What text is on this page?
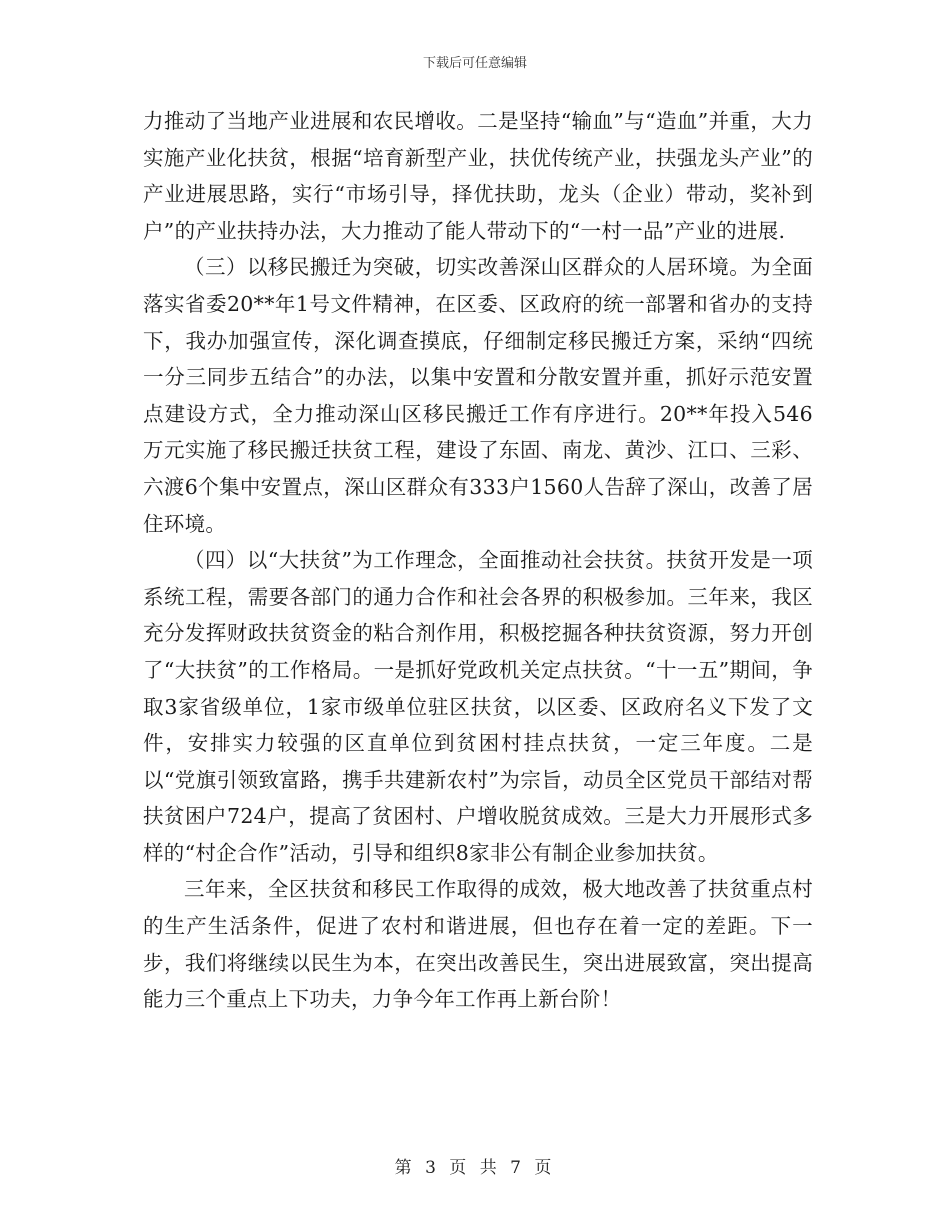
下载后可任意编辑

力推动了当地产业进展和农民增收。二是坚持“输血”与“造血”并重，大力实施产业化扶贫，根据“培育新型产业，扶优传统产业，扶强龙头产业”的产业进展思路，实行“市场引导，择优扶助，龙头（企业）带动，奖补到户”的产业扶持办法，大力推动了能人带动下的“一村一品”产业的进展.

（三）以移民搬迁为突破，切实改善深山区群众的人居环境。为全面落实省委20**年1号文件精神，在区委、区政府的统一部署和省办的支持下，我办加强宣传，深化调查摸底，仔细制定移民搬迁方案，采纳“四统一分三同步五结合”的办法，以集中安置和分散安置并重，抓好示范安置点建设方式，全力推动深山区移民搬迁工作有序进行。20**年投入546万元实施了移民搬迁扶贫工程，建设了东固、南龙、黄沙、江口、三彩、六渡6个集中安置点，深山区群众有333户1560人告辞了深山，改善了居住环境。

（四）以“大扶贫”为工作理念，全面推动社会扶贫。扶贫开发是一项系统工程，需要各部门的通力合作和社会各界的积极参加。三年来，我区充分发挥财政扶贫资金的粘合剂作用，积极挖掘各种扶贫资源，努力开创了“大扶贫”的工作格局。一是抓好党政机关定点扶贫。“十一五”期间，争取3家省级单位，1家市级单位驻区扶贫，以区委、区政府名义下发了文件，安排实力较强的区直单位到贫困村挂点扶贫，一定三年度。二是以“党旗引领致富路，携手共建新农村”为宗旨，动员全区党员干部结对帮扶贫困户724户，提高了贫困村、户增收脱贫成效。三是大力开展形式多样的“村企合作”活动，引导和组织8家非公有制企业参加扶贫。

三年来，全区扶贫和移民工作取得的成效，极大地改善了扶贫重点村的生产生活条件，促进了农村和谐进展，但也存在着一定的差距。下一步，我们将继续以民生为本，在突出改善民生，突出进展致富，突出提高能力三个重点上下功夫，力争今年工作再上新台阶！

第 3 页 共 7 页
